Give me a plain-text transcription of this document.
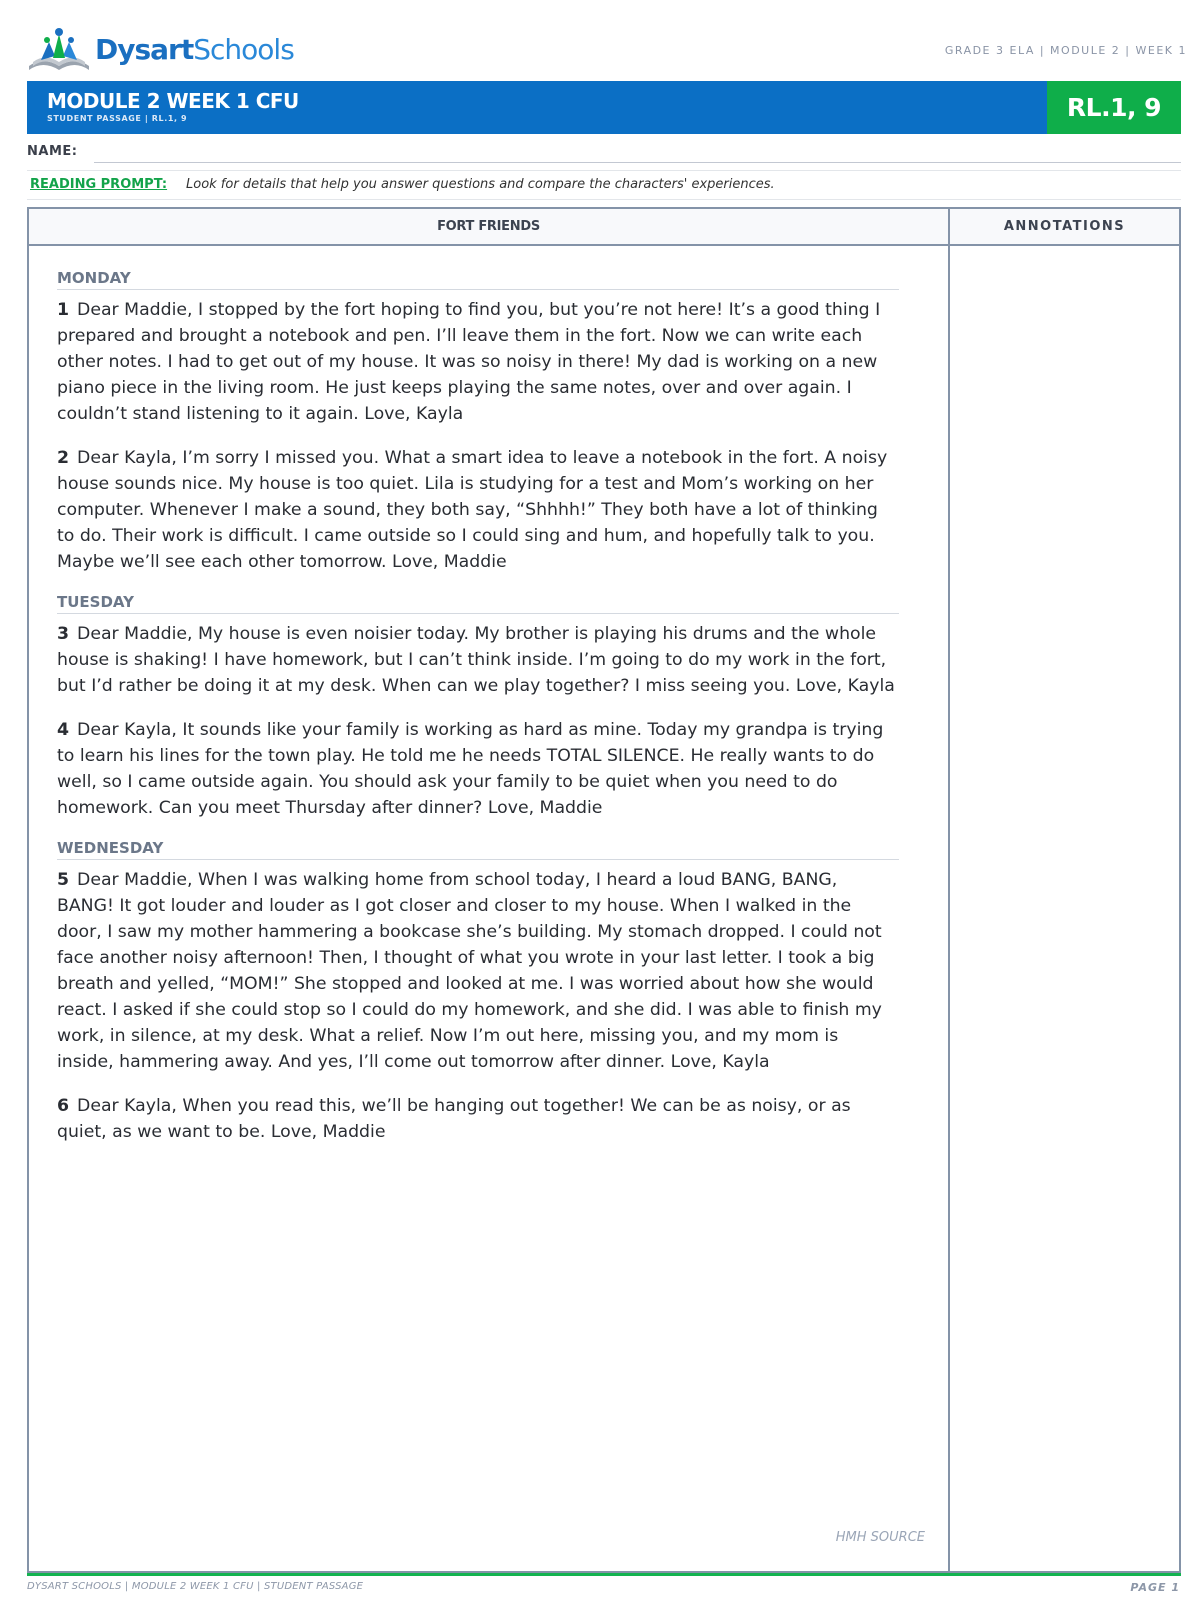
DysartSchools	GRADE 3 ELA | MODULE 2 | WEEK 1
MODULE 2 WEEK 1 CFU
STUDENT PASSAGE | RL.1, 9	RL.1, 9
NAME:
READING PROMPT: Look for details that help you answer questions and compare the characters' experiences.
FORT FRIENDS	ANNOTATIONS
MONDAY

1 Dear Maddie, I stopped by the fort hoping to find you, but you’re not here! It’s a good thing I prepared and brought a notebook and pen. I’ll leave them in the fort. Now we can write each other notes. I had to get out of my house. It was so noisy in there! My dad is working on a new piano piece in the living room. He just keeps playing the same notes, over and over again. I couldn’t stand listening to it again. Love, Kayla

2 Dear Kayla, I’m sorry I missed you. What a smart idea to leave a notebook in the fort. A noisy house sounds nice. My house is too quiet. Lila is studying for a test and Mom’s working on her computer. Whenever I make a sound, they both say, “Shhhh!” They both have a lot of thinking to do. Their work is difficult. I came outside so I could sing and hum, and hopefully talk to you. Maybe we’ll see each other tomorrow. Love, Maddie

TUESDAY

3 Dear Maddie, My house is even noisier today. My brother is playing his drums and the whole house is shaking! I have homework, but I can’t think inside. I’m going to do my work in the fort, but I’d rather be doing it at my desk. When can we play together? I miss seeing you. Love, Kayla

4 Dear Kayla, It sounds like your family is working as hard as mine. Today my grandpa is trying to learn his lines for the town play. He told me he needs TOTAL SILENCE. He really wants to do well, so I came outside again. You should ask your family to be quiet when you need to do homework. Can you meet Thursday after dinner? Love, Maddie

WEDNESDAY

5 Dear Maddie, When I was walking home from school today, I heard a loud BANG, BANG, BANG! It got louder and louder as I got closer and closer to my house. When I walked in the door, I saw my mother hammering a bookcase she’s building. My stomach dropped. I could not face another noisy afternoon! Then, I thought of what you wrote in your last letter. I took a big breath and yelled, “MOM!” She stopped and looked at me. I was worried about how she would react. I asked if she could stop so I could do my homework, and she did. I was able to finish my work, in silence, at my desk. What a relief. Now I’m out here, missing you, and my mom is inside, hammering away. And yes, I’ll come out tomorrow after dinner. Love, Kayla

6 Dear Kayla, When you read this, we’ll be hanging out together! We can be as noisy, or as quiet, as we want to be. Love, Maddie

HMH SOURCE
DYSART SCHOOLS | MODULE 2 WEEK 1 CFU | STUDENT PASSAGE	PAGE 1
